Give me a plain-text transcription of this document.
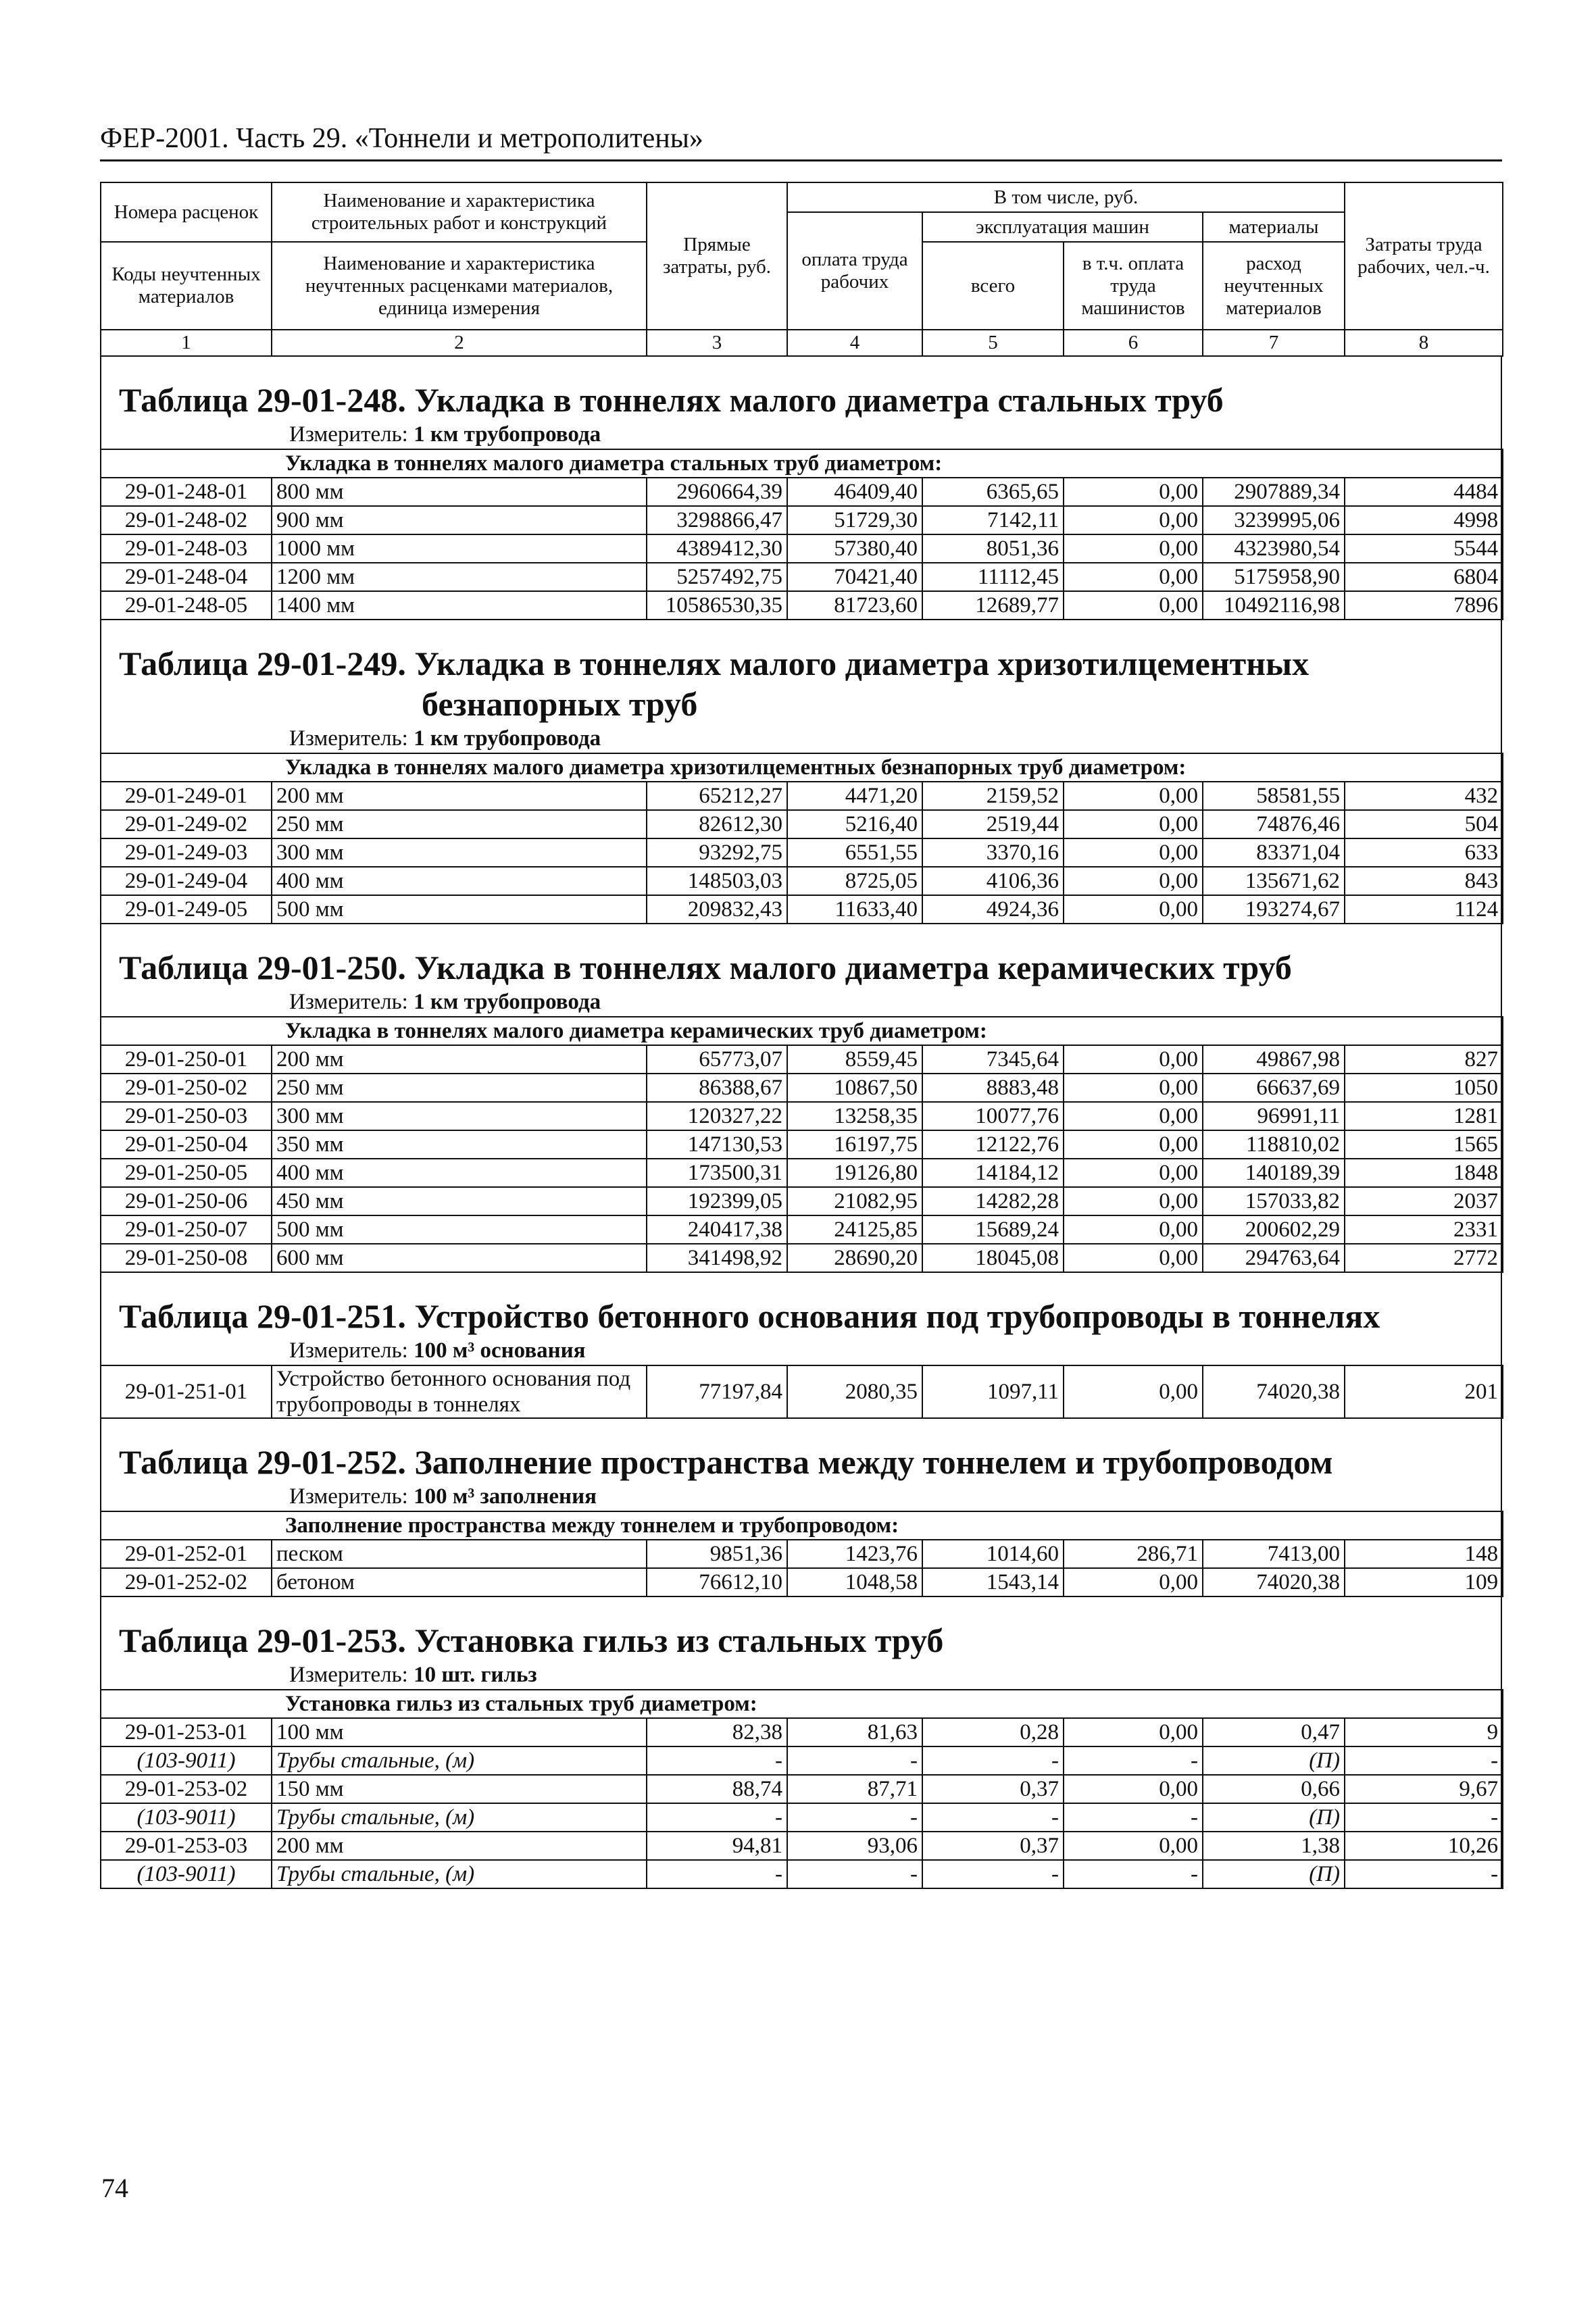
ФЕР-2001. Часть 29. «Тоннели и метрополитены»
Номера расценок	Наименование и характеристика строительных работ и конструкций	Прямые затраты, руб.	В том числе, руб.				Затраты труда рабочих, чел.-ч.
			оплата труда рабочих	эксплуатация машин		материалы	
Коды неучтенных материалов	Наименование и характеристика неучтенных расценками материалов, единица измерения			всего	в т.ч. оплата труда машинистов	расход неучтенных материалов	

1	2	3	4	5	6	7	8
Таблица 29-01-248. Укладка в тоннелях малого диаметра стальных труб
Измеритель: 1 км трубопровода
Укладка в тоннелях малого диаметра стальных труб диаметром:							
29-01-248-01	800 мм	2960664,39	46409,40	6365,65	0,00	2907889,34	4484
29-01-248-02	900 мм	3298866,47	51729,30	7142,11	0,00	3239995,06	4998
29-01-248-03	1000 мм	4389412,30	57380,40	8051,36	0,00	4323980,54	5544
29-01-248-04	1200 мм	5257492,75	70421,40	11112,45	0,00	5175958,90	6804
29-01-248-05	1400 мм	10586530,35	81723,60	12689,77	0,00	10492116,98	7896
Таблица 29-01-249. Укладка в тоннелях малого диаметра хризотилцементных
безнапорных труб
Измеритель: 1 км трубопровода
Укладка в тоннелях малого диаметра хризотилцементных безнапорных труб диаметром:							
29-01-249-01	200 мм	65212,27	4471,20	2159,52	0,00	58581,55	432
29-01-249-02	250 мм	82612,30	5216,40	2519,44	0,00	74876,46	504
29-01-249-03	300 мм	93292,75	6551,55	3370,16	0,00	83371,04	633
29-01-249-04	400 мм	148503,03	8725,05	4106,36	0,00	135671,62	843
29-01-249-05	500 мм	209832,43	11633,40	4924,36	0,00	193274,67	1124
Таблица 29-01-250. Укладка в тоннелях малого диаметра керамических труб
Измеритель: 1 км трубопровода
Укладка в тоннелях малого диаметра керамических труб диаметром:							
29-01-250-01	200 мм	65773,07	8559,45	7345,64	0,00	49867,98	827
29-01-250-02	250 мм	86388,67	10867,50	8883,48	0,00	66637,69	1050
29-01-250-03	300 мм	120327,22	13258,35	10077,76	0,00	96991,11	1281
29-01-250-04	350 мм	147130,53	16197,75	12122,76	0,00	118810,02	1565
29-01-250-05	400 мм	173500,31	19126,80	14184,12	0,00	140189,39	1848
29-01-250-06	450 мм	192399,05	21082,95	14282,28	0,00	157033,82	2037
29-01-250-07	500 мм	240417,38	24125,85	15689,24	0,00	200602,29	2331
29-01-250-08	600 мм	341498,92	28690,20	18045,08	0,00	294763,64	2772
Таблица 29-01-251. Устройство бетонного основания под трубопроводы в тоннелях
Измеритель: 100 м³ основания
29-01-251-01	Устройство бетонного основания под трубопроводы в тоннелях	77197,84	2080,35	1097,11	0,00	74020,38	201
Таблица 29-01-252. Заполнение пространства между тоннелем и трубопроводом
Измеритель: 100 м³ заполнения
Заполнение пространства между тоннелем и трубопроводом:							
29-01-252-01	песком	9851,36	1423,76	1014,60	286,71	7413,00	148
29-01-252-02	бетоном	76612,10	1048,58	1543,14	0,00	74020,38	109
Таблица 29-01-253. Установка гильз из стальных труб
Измеритель: 10 шт. гильз
Установка гильз из стальных труб диаметром:							
29-01-253-01	100 мм	82,38	81,63	0,28	0,00	0,47	9
(103-9011)	Трубы стальные, (м)	-	-	-	-	(П)	-
29-01-253-02	150 мм	88,74	87,71	0,37	0,00	0,66	9,67
(103-9011)	Трубы стальные, (м)	-	-	-	-	(П)	-
29-01-253-03	200 мм	94,81	93,06	0,37	0,00	1,38	10,26
(103-9011)	Трубы стальные, (м)	-	-	-	-	(П)	-
74
